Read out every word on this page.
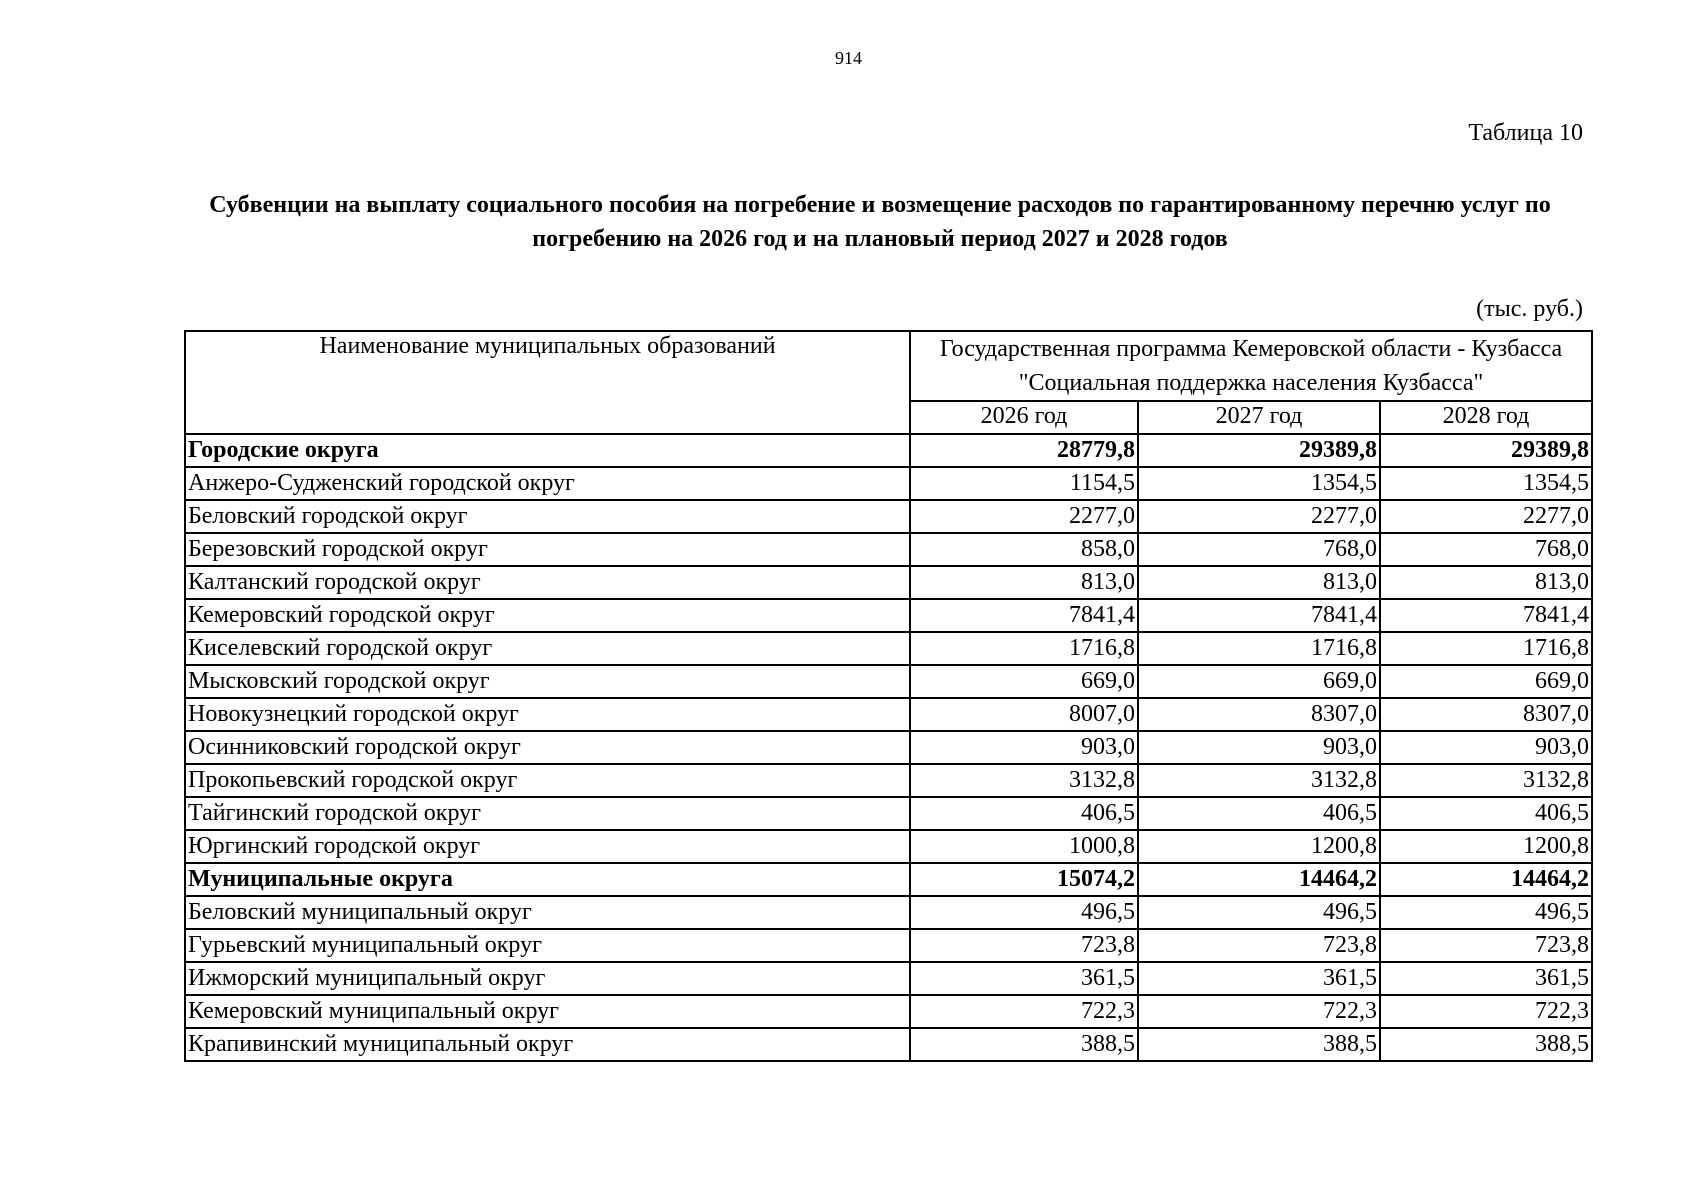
914
Таблица 10
Субвенции на выплату социального пособия на погребение и возмещение расходов по гарантированному перечню услуг по погребению на 2026 год и на плановый период 2027 и 2028 годов
(тыс. руб.)
Наименование муниципальных образований	Государственная программа Кемеровской области - Кузбасса "Социальная поддержка населения Кузбасса"		
	2026 год	2027 год	2028 год
Городские округа	28779,8	29389,8	29389,8
Анжеро-Судженский городской округ	1154,5	1354,5	1354,5
Беловский городской округ	2277,0	2277,0	2277,0
Березовский городской округ	858,0	768,0	768,0
Калтанский городской округ	813,0	813,0	813,0
Кемеровский городской округ	7841,4	7841,4	7841,4
Киселевский городской округ	1716,8	1716,8	1716,8
Мысковский городской округ	669,0	669,0	669,0
Новокузнецкий городской округ	8007,0	8307,0	8307,0
Осинниковский городской округ	903,0	903,0	903,0
Прокопьевский городской округ	3132,8	3132,8	3132,8
Тайгинский городской округ	406,5	406,5	406,5
Юргинский городской округ	1000,8	1200,8	1200,8
Муниципальные округа	15074,2	14464,2	14464,2
Беловский муниципальный округ	496,5	496,5	496,5
Гурьевский муниципальный округ	723,8	723,8	723,8
Ижморский муниципальный округ	361,5	361,5	361,5
Кемеровский муниципальный округ	722,3	722,3	722,3
Крапивинский муниципальный округ	388,5	388,5	388,5
